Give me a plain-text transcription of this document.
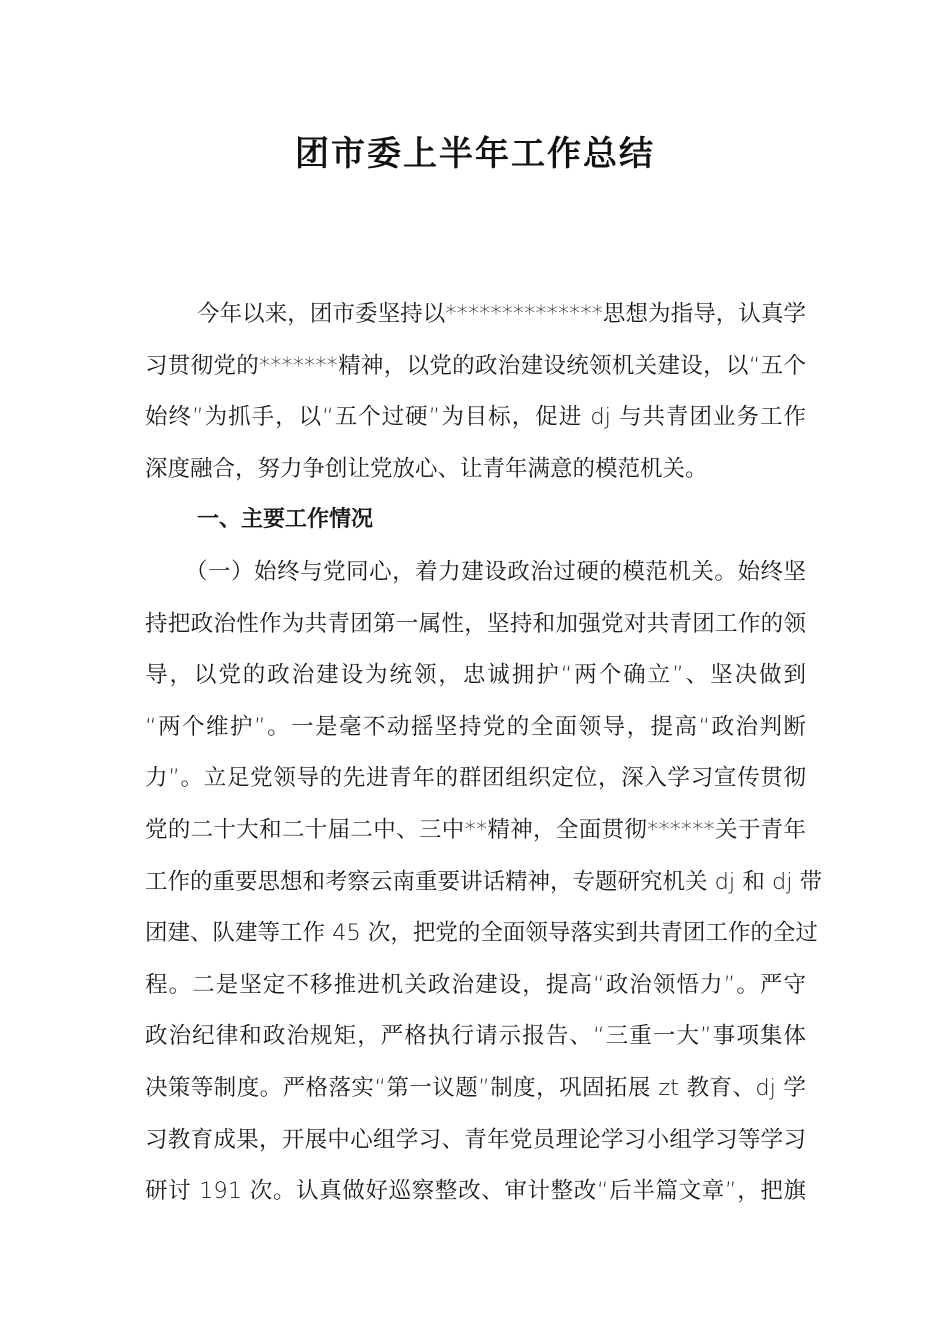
团市委上半年工作总结
今年以来，团市委坚持以**************思想为指导，认真学
习贯彻党的*******精神，以党的政治建设统领机关建设，以“五个
始终”为抓手，以“五个过硬”为目标，促进 dj 与共青团业务工作
深度融合，努力争创让党放心、让青年满意的模范机关。
一、主要工作情况
（一）始终与党同心，着力建设政治过硬的模范机关。始终坚
持把政治性作为共青团第一属性，坚持和加强党对共青团工作的领
导，以党的政治建设为统领，忠诚拥护“两个确立”、坚决做到
“两个维护”。一是毫不动摇坚持党的全面领导，提高“政治判断
力”。立足党领导的先进青年的群团组织定位，深入学习宣传贯彻
党的二十大和二十届二中、三中**精神，全面贯彻******关于青年
工作的重要思想和考察云南重要讲话精神，专题研究机关 dj 和 dj 带
团建、队建等工作 45 次，把党的全面领导落实到共青团工作的全过
程。二是坚定不移推进机关政治建设，提高“政治领悟力”。严守
政治纪律和政治规矩，严格执行请示报告、“三重一大”事项集体
决策等制度。严格落实“第一议题”制度，巩固拓展 zt 教育、dj 学
习教育成果，开展中心组学习、青年党员理论学习小组学习等学习
研讨 191 次。认真做好巡察整改、审计整改“后半篇文章”，把旗
